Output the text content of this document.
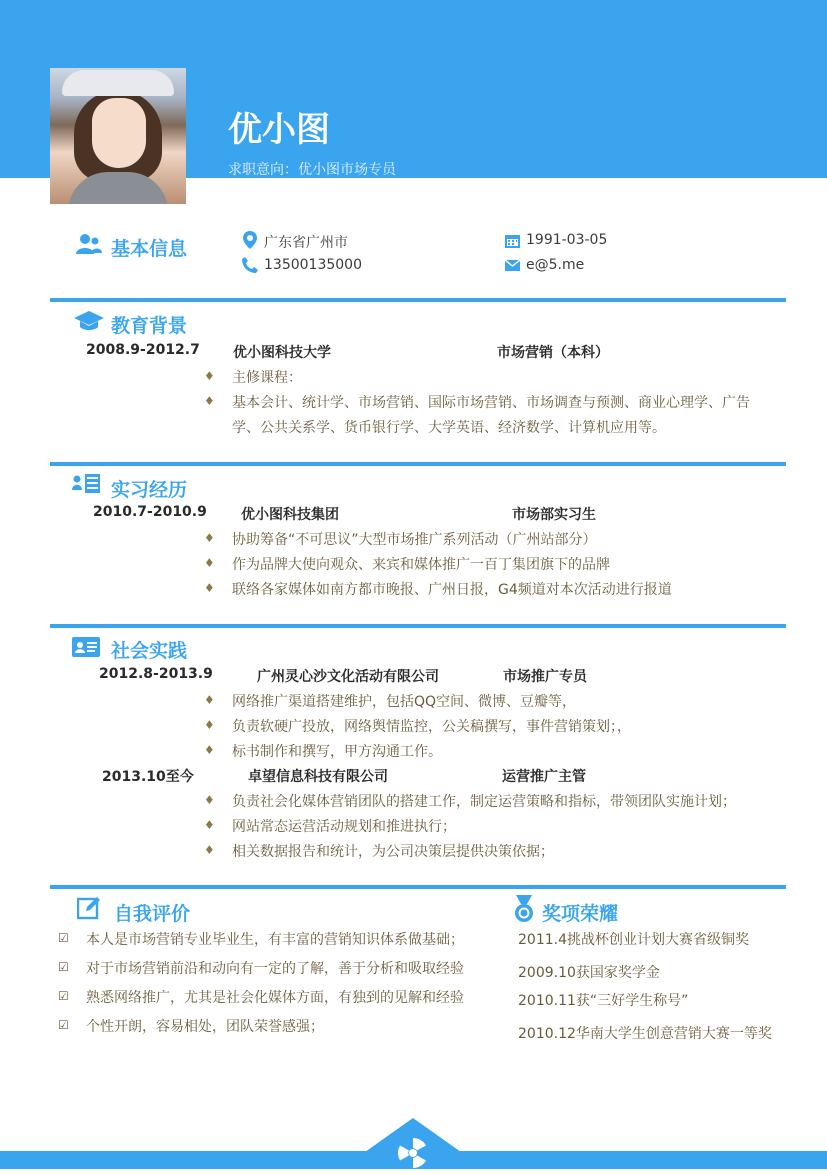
优小图
求职意向：优小图市场专员
基本信息	广东省广州市
13500135000
1991-03-05
e@5.me
教育背景
2008.9-2012.7 优小图科技大学	市场营销（本科）
♦ 主修课程：
♦ 基本会计、统计学、市场营销、国际市场营销、市场调查与预测、商业心理学、广告
学、公共关系学、货币银行学、大学英语、经济数学、计算机应用等。
实习经历
2010.7-2010.9 优小图科技集团	市场部实习生
♦ 协助筹备“不可思议”大型市场推广系列活动（广州站部分）
♦ 作为品牌大使向观众、来宾和媒体推广一百丁集团旗下的品牌
♦ 联络各家媒体如南方都市晚报、广州日报，G4频道对本次活动进行报道
社会实践
2012.8-2013.9	广州灵心沙文化活动有限公司	市场推广专员
♦ 网络推广渠道搭建维护，包括QQ空间、微博、豆瓣等，
♦ 负责软硬广投放，网络舆情监控，公关稿撰写，事件营销策划；，
♦ 标书制作和撰写，甲方沟通工作。
2013.10至今	卓望信息科技有限公司	运营推广主管
♦ 负责社会化媒体营销团队的搭建工作，制定运营策略和指标，带领团队实施计划；
♦ 网站常态运营活动规划和推进执行；
♦ 相关数据报告和统计，为公司决策层提供决策依据；
自我评价
☑ 本人是市场营销专业毕业生，有丰富的营销知识体系做基础；
☑ 对于市场营销前沿和动向有一定的了解，善于分析和吸取经验
☑ 熟悉网络推广，尤其是社会化媒体方面，有独到的见解和经验
☑ 个性开朗，容易相处，团队荣誉感强；
奖项荣耀
2011.4挑战杯创业计划大赛省级铜奖
2009.10获国家奖学金
2010.11获“三好学生称号”
2010.12华南大学生创意营销大赛一等奖
